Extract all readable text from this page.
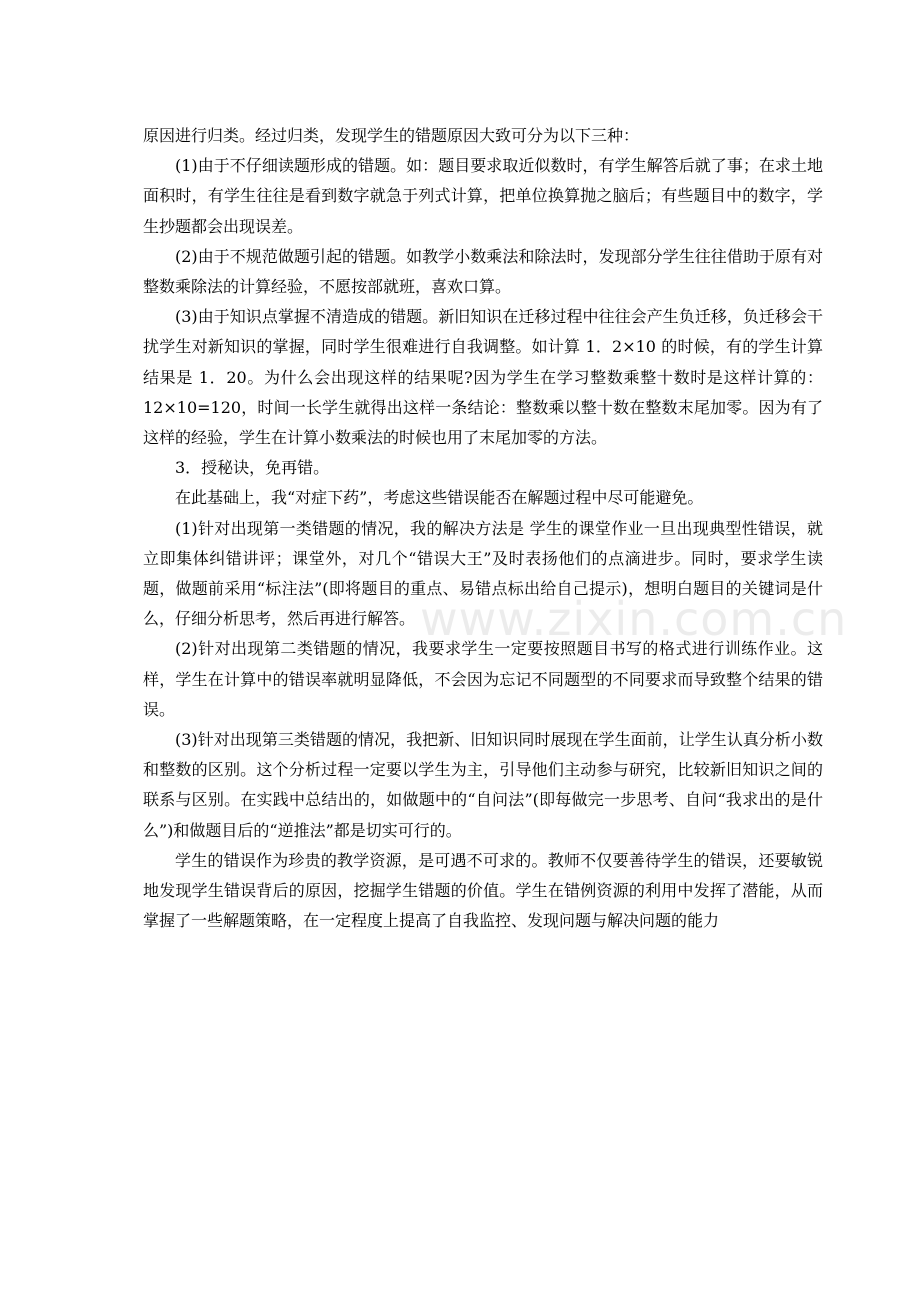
原因进行归类。经过归类，发现学生的错题原因大致可分为以下三种：

(1)由于不仔细读题形成的错题。如：题目要求取近似数时，有学生解答后就了事；在求土地面积时，有学生往往是看到数字就急于列式计算，把单位换算抛之脑后；有些题目中的数字，学生抄题都会出现误差。

(2)由于不规范做题引起的错题。如教学小数乘法和除法时，发现部分学生往往借助于原有对整数乘除法的计算经验，不愿按部就班，喜欢口算。

(3)由于知识点掌握不清造成的错题。新旧知识在迁移过程中往往会产生负迁移，负迁移会干扰学生对新知识的掌握，同时学生很难进行自我调整。如计算 1．2×10 的时候，有的学生计算结果是 1．20。为什么会出现这样的结果呢?因为学生在学习整数乘整十数时是这样计算的：12×10=120，时间一长学生就得出这样一条结论：整数乘以整十数在整数末尾加零。因为有了这样的经验，学生在计算小数乘法的时候也用了末尾加零的方法。

3．授秘诀，免再错。

在此基础上，我“对症下药”，考虑这些错误能否在解题过程中尽可能避免。

(1)针对出现第一类错题的情况，我的解决方法是 学生的课堂作业一旦出现典型性错误，就立即集体纠错讲评；课堂外，对几个“错误大王”及时表扬他们的点滴进步。同时，要求学生读题，做题前采用“标注法”(即将题目的重点、易错点标出给自己提示)，想明白题目的关键词是什么，仔细分析思考，然后再进行解答。

(2)针对出现第二类错题的情况，我要求学生一定要按照题目书写的格式进行训练作业。这样，学生在计算中的错误率就明显降低，不会因为忘记不同题型的不同要求而导致整个结果的错误。

(3)针对出现第三类错题的情况，我把新、旧知识同时展现在学生面前，让学生认真分析小数和整数的区别。这个分析过程一定要以学生为主，引导他们主动参与研究，比较新旧知识之间的联系与区别。在实践中总结出的，如做题中的“自问法”(即每做完一步思考、自问“我求出的是什么”)和做题目后的“逆推法”都是切实可行的。

学生的错误作为珍贵的教学资源，是可遇不可求的。教师不仅要善待学生的错误，还要敏锐地发现学生错误背后的原因，挖掘学生错题的价值。学生在错例资源的利用中发挥了潜能，从而掌握了一些解题策略，在一定程度上提高了自我监控、发现问题与解决问题的能力

www.zixin.com.cn
